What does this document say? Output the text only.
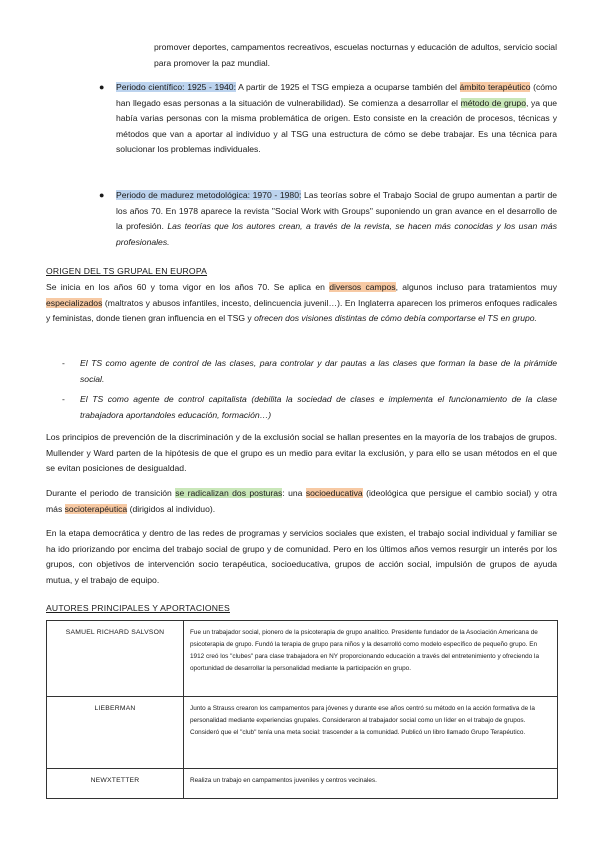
promover deportes, campamentos recreativos, escuelas nocturnas y educación de adultos, servicio social para promover la paz mundial.
● Periodo científico: 1925 - 1940: A partir de 1925 el TSG empieza a ocuparse también del ámbito terapéutico (cómo han llegado esas personas a la situación de vulnerabilidad). Se comienza a desarrollar el método de grupo, ya que había varias personas con la misma problemática de origen. Esto consiste en la creación de procesos, técnicas y métodos que van a aportar al individuo y al TSG una estructura de cómo se debe trabajar. Es una técnica para solucionar los problemas individuales.
● Periodo de madurez metodológica: 1970 - 1980: Las teorías sobre el Trabajo Social de grupo aumentan a partir de los años 70. En 1978 aparece la revista "Social Work with Groups" suponiendo un gran avance en el desarrollo de la profesión. Las teorías que los autores crean, a través de la revista, se hacen más conocidas y los usan más profesionales.
ORIGEN DEL TS GRUPAL EN EUROPA
Se inicia en los años 60 y toma vigor en los años 70. Se aplica en diversos campos, algunos incluso para tratamientos muy especializados (maltratos y abusos infantiles, incesto, delincuencia juvenil…). En Inglaterra aparecen los primeros enfoques radicales y feministas, donde tienen gran influencia en el TSG y ofrecen dos visiones distintas de cómo debía comportarse el TS en grupo.
- El TS como agente de control de las clases, para controlar y dar pautas a las clases que forman la base de la pirámide social.
- El TS como agente de control capitalista (debilita la sociedad de clases e implementa el funcionamiento de la clase trabajadora aportandoles educación, formación…)
Los principios de prevención de la discriminación y de la exclusión social se hallan presentes en la mayoría de los trabajos de grupos. Mullender y Ward parten de la hipótesis de que el grupo es un medio para evitar la exclusión, y para ello se usan métodos en el que se evitan posiciones de desigualdad.
Durante el periodo de transición se radicalizan dos posturas: una socioeducativa (ideológica que persigue el cambio social) y otra más socioterapéutica (dirigidos al individuo).
En la etapa democrática y dentro de las redes de programas y servicios sociales que existen, el trabajo social individual y familiar se ha ido priorizando por encima del trabajo social de grupo y de comunidad. Pero en los últimos años vemos resurgir un interés por los grupos, con objetivos de intervención socio terapéutica, socioeducativa, grupos de acción social, impulsión de grupos de ayuda mutua, y el trabajo de equipo.
AUTORES PRINCIPALES Y APORTACIONES
SAMUEL RICHARD SALVSON	Fue un trabajador social, pionero de la psicoterapia de grupo analítico. Presidente fundador de la Asociación Americana de psicoterapia de grupo. Fundó la terapia de grupo para niños y la desarrolló como modelo específico de pequeño grupo. En 1912 creó los "clubes" para clase trabajadora en NY proporcionando educación a través del entretenimiento y ofreciendo la oportunidad de desarrollar la personalidad mediante la participación en grupo.
LIEBERMAN	Junto a Strauss crearon los campamentos para jóvenes y durante ese años centró su método en la acción formativa de la personalidad mediante experiencias grupales. Consideraron al trabajador social como un líder en el trabajo de grupos. Consideró que el "club" tenía una meta social: trascender a la comunidad. Publicó un libro llamado Grupo Terapéutico.
NEWXTETTER	Realiza un trabajo en campamentos juveniles y centros vecinales.
